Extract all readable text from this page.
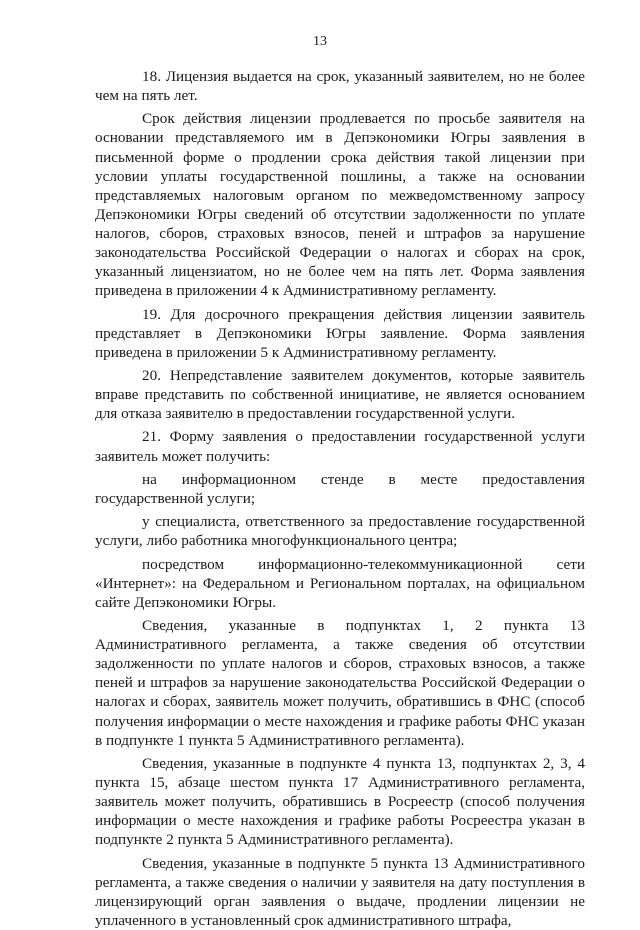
13

18. Лицензия выдается на срок, указанный заявителем, но не более чем на пять лет.

Срок действия лицензии продлевается по просьбе заявителя на основании представляемого им в Депэкономики Югры заявления в письменной форме о продлении срока действия такой лицензии при условии уплаты государственной пошлины, а также на основании представляемых налоговым органом по межведомственному запросу Депэкономики Югры сведений об отсутствии задолженности по уплате налогов, сборов, страховых взносов, пеней и штрафов за нарушение законодательства Российской Федерации о налогах и сборах на срок, указанный лицензиатом, но не более чем на пять лет. Форма заявления приведена в приложении 4 к Административному регламенту.

19. Для досрочного прекращения действия лицензии заявитель представляет в Депэкономики Югры заявление. Форма заявления приведена в приложении 5 к Административному регламенту.

20. Непредставление заявителем документов, которые заявитель вправе представить по собственной инициативе, не является основанием для отказа заявителю в предоставлении государственной услуги.

21. Форму заявления о предоставлении государственной услуги заявитель может получить:

на информационном стенде в месте предоставления государственной услуги;

у специалиста, ответственного за предоставление государственной услуги, либо работника многофункционального центра;

посредством информационно-телекоммуникационной сети «Интернет»: на Федеральном и Региональном порталах, на официальном сайте Депэкономики Югры.

Сведения, указанные в подпунктах 1, 2 пункта 13 Административного регламента, а также сведения об отсутствии задолженности по уплате налогов и сборов, страховых взносов, а также пеней и штрафов за нарушение законодательства Российской Федерации о налогах и сборах, заявитель может получить, обратившись в ФНС (способ получения информации о месте нахождения и графике работы ФНС указан в подпункте 1 пункта 5 Административного регламента).

Сведения, указанные в подпункте 4 пункта 13, подпунктах 2, 3, 4 пункта 15, абзаце шестом пункта 17 Административного регламента, заявитель может получить, обратившись в Росреестр (способ получения информации о месте нахождения и графике работы Росреестра указан в подпункте 2 пункта 5 Административного регламента).

Сведения, указанные в подпункте 5 пункта 13 Административного регламента, а также сведения о наличии у заявителя на дату поступления в лицензирующий орган заявления о выдаче, продлении лицензии не уплаченного в установленный срок административного штрафа,
